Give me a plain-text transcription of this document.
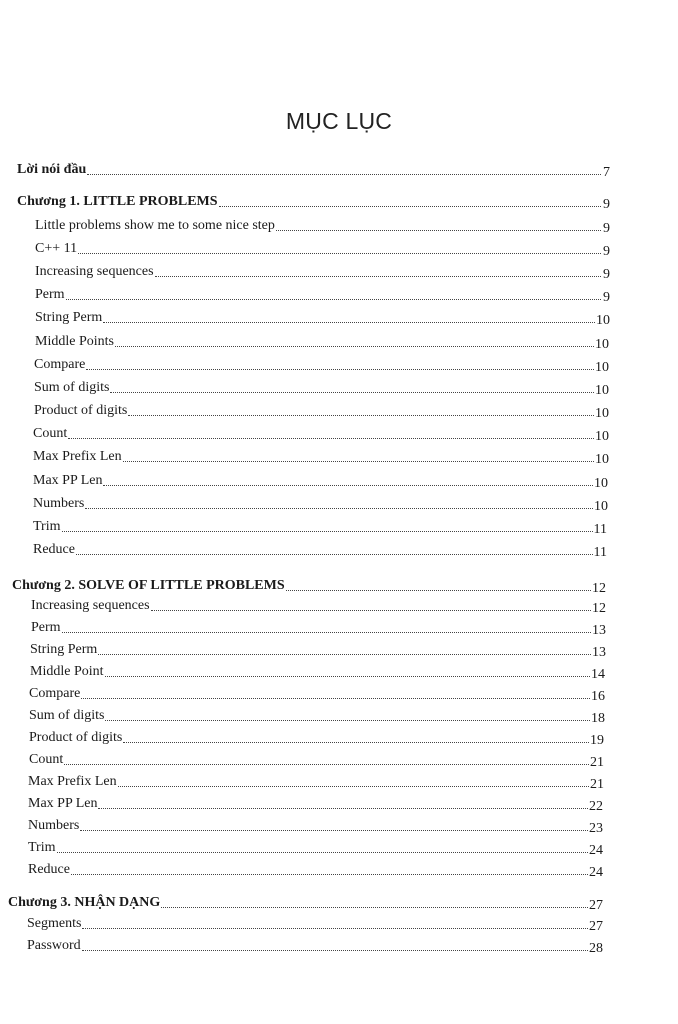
MỤC LỤC
Lời nói đầu	7
Chương 1. LITTLE PROBLEMS	9
Little problems show me to some nice step	9
C++ 11	9
Increasing sequences	9
Perm	9
String Perm	10
Middle Points	10
Compare	10
Sum of digits	10
Product of digits	10
Count	10
Max Prefix Len	10
Max PP Len	10
Numbers	10
Trim	11
Reduce	11
Chương 2. SOLVE OF LITTLE PROBLEMS	12
Increasing sequences	12
Perm	13
String Perm	13
Middle Point	14
Compare	16
Sum of digits	18
Product of digits	19
Count	21
Max Prefix Len	21
Max PP Len	22
Numbers	23
Trim	24
Reduce	24
Chương 3. NHẬN DẠNG	27
Segments	27
Password	28
